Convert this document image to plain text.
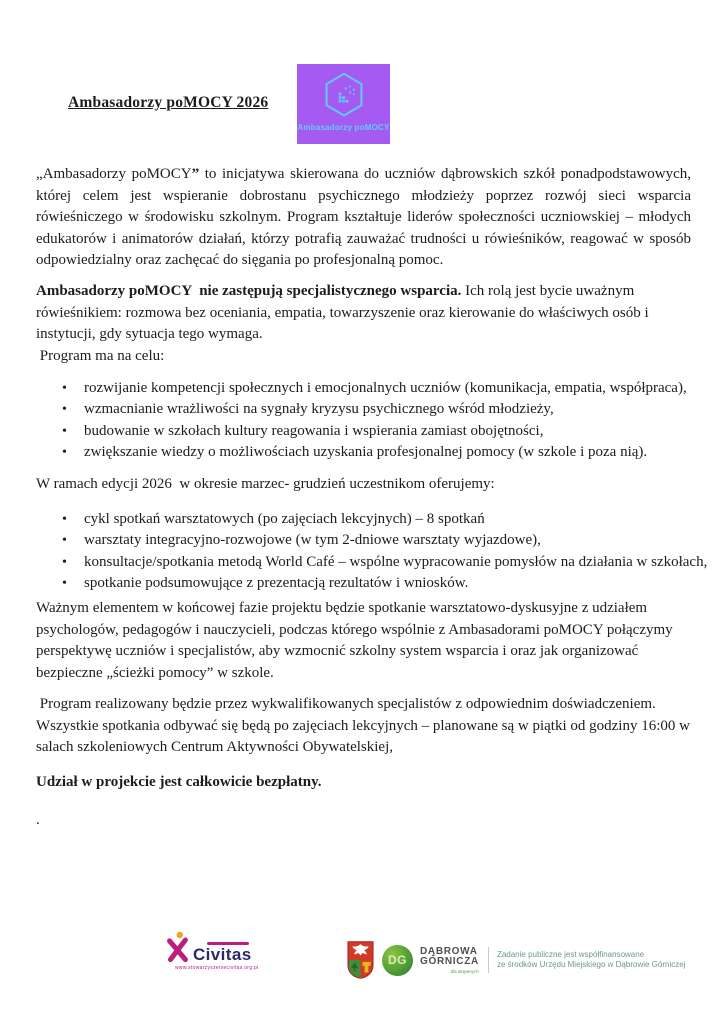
Ambasadorzy poMOCY 2026
Ambasadorzy poMOCY

„Ambasadorzy poMOCY” to inicjatywa skierowana do uczniów dąbrowskich szkół ponadpodstawowych, której celem jest wspieranie dobrostanu psychicznego młodzieży poprzez rozwój sieci wsparcia rówieśniczego w środowisku szkolnym. Program kształtuje liderów społeczności uczniowskiej – młodych edukatorów i animatorów działań, którzy potrafią zauważać trudności u rówieśników, reagować w sposób odpowiedzialny oraz zachęcać do sięgania po profesjonalną pomoc.

Ambasadorzy poMOCY  nie zastępują specjalistycznego wsparcia. Ich rolą jest bycie uważnym rówieśnikiem: rozmowa bez oceniania, empatia, towarzyszenie oraz kierowanie do właściwych osób i instytucji, gdy sytuacja tego wymaga.

Program ma na celu:

• rozwijanie kompetencji społecznych i emocjonalnych uczniów (komunikacja, empatia, współpraca),
• wzmacnianie wrażliwości na sygnały kryzysu psychicznego wśród młodzieży,
• budowanie w szkołach kultury reagowania i wspierania zamiast obojętności,
• zwiększanie wiedzy o możliwościach uzyskania profesjonalnej pomocy (w szkole i poza nią).

W ramach edycji 2026  w okresie marzec- grudzień uczestnikom oferujemy:

• cykl spotkań warsztatowych (po zajęciach lekcyjnych) – 8 spotkań
• warsztaty integracyjno-rozwojowe (w tym 2-dniowe warsztaty wyjazdowe),
• konsultacje/spotkania metodą World Café – wspólne wypracowanie pomysłów na działania w szkołach,
• spotkanie podsumowujące z prezentacją rezultatów i wniosków.

Ważnym elementem w końcowej fazie projektu będzie spotkanie warsztatowo-dyskusyjne z udziałem psychologów, pedagogów i nauczycieli, podczas którego wspólnie z Ambasadorami poMOCY połączymy perspektywę uczniów i specjalistów, aby wzmocnić szkolny system wsparcia i oraz jak organizować bezpieczne „ścieżki pomocy” w szkole.

Program realizowany będzie przez wykwalifikowanych specjalistów z odpowiednim doświadczeniem. Wszystkie spotkania odbywać się będą po zajęciach lekcyjnych – planowane są w piątki od godziny 16:00 w salach szkoleniowych Centrum Aktywności Obywatelskiej,

Udział w projekcie jest całkowicie bezpłatny.

.

Civitas
www.stowarzyszeniecivitas.org.pl
DG
DĄBROWA
GÓRNICZA
dla aktywnych
Zadanie publiczne jest współfinansowane
ze środków Urzędu Miejskiego w Dąbrowie Górniczej
